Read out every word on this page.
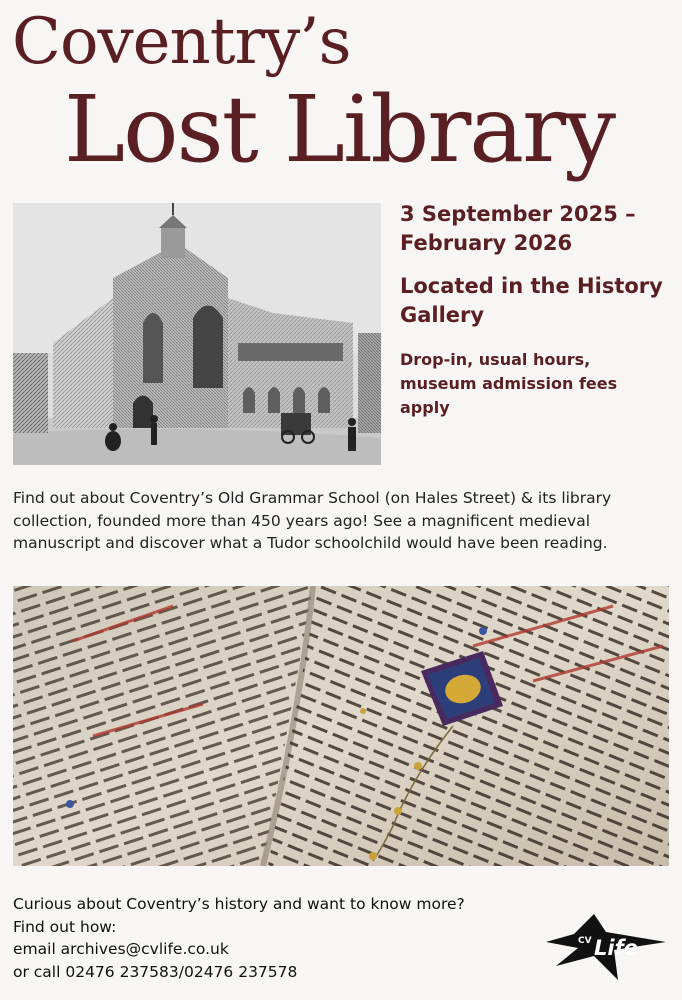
Coventry’s
Lost Library
3 September 2025 – February 2026
Located in the History Gallery
Drop-in, usual hours, museum admission fees apply
Find out about Coventry’s Old Grammar School (on Hales Street) & its library collection, founded more than 450 years ago! See a magnificent medieval manuscript and discover what a Tudor schoolchild would have been reading.
Curious about Coventry’s history and want to know more?
Find out how:
email archives@cvlife.co.uk
or call 02476 237583/02476 237578
CV Life
